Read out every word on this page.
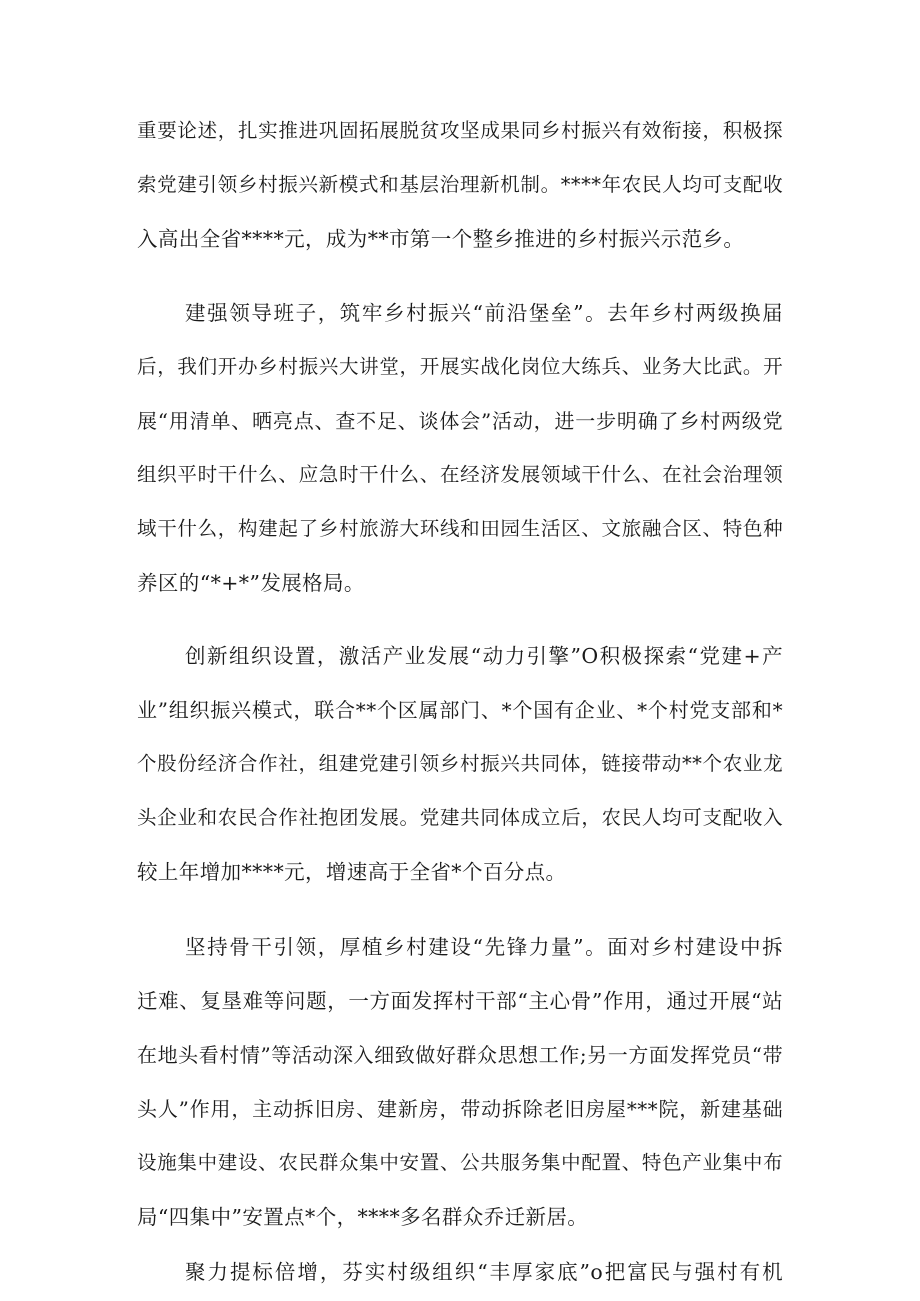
重要论述，扎实推进巩固拓展脱贫攻坚成果同乡村振兴有效衔接，积极探
索党建引领乡村振兴新模式和基层治理新机制。****年农民人均可支配收
入高出全省****元，成为**市第一个整乡推进的乡村振兴示范乡。
建强领导班子，筑牢乡村振兴“前沿堡垒”。去年乡村两级换届
后，我们开办乡村振兴大讲堂，开展实战化岗位大练兵、业务大比武。开
展“用清单、晒亮点、查不足、谈体会”活动，进一步明确了乡村两级党
组织平时干什么、应急时干什么、在经济发展领域干什么、在社会治理领
域干什么，构建起了乡村旅游大环线和田园生活区、文旅融合区、特色种
养区的“*+*”发展格局。
创新组织设置，激活产业发展“动力引擎”O积极探索“党建+产
业”组织振兴模式，联合**个区属部门、*个国有企业、*个村党支部和*
个股份经济合作社，组建党建引领乡村振兴共同体，链接带动**个农业龙
头企业和农民合作社抱团发展。党建共同体成立后，农民人均可支配收入
较上年增加****元，增速高于全省*个百分点。
坚持骨干引领，厚植乡村建设“先锋力量”。面对乡村建设中拆
迁难、复垦难等问题，一方面发挥村干部“主心骨”作用，通过开展“站
在地头看村情”等活动深入细致做好群众思想工作;另一方面发挥党员“带
头人”作用，主动拆旧房、建新房，带动拆除老旧房屋***院，新建基础
设施集中建设、农民群众集中安置、公共服务集中配置、特色产业集中布
局“四集中”安置点*个，****多名群众乔迁新居。
聚力提标倍增，芬实村级组织“丰厚家底”o把富民与强村有机
